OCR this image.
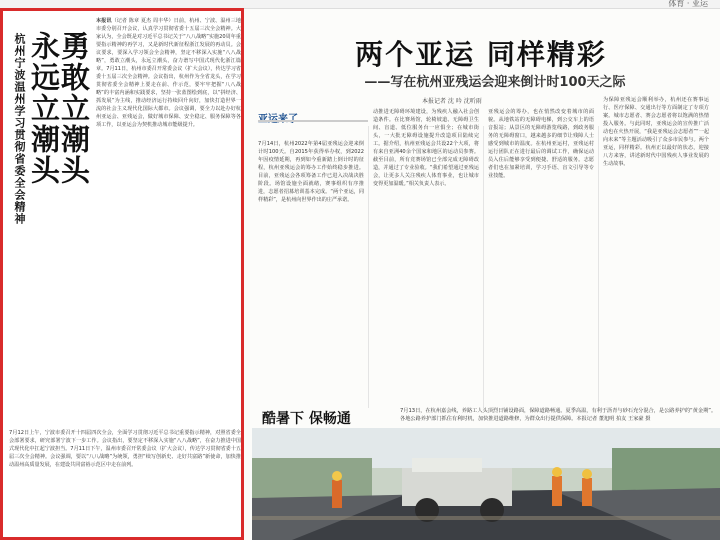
体育 · 亚运
杭州宁波温州学习贯彻省委全会精神 勇敢立潮头
永远立潮头
本报讯（记者 陈章 夏杰 周丰华）日前，杭州、宁波、温州三地市委分别召开会议，认真学习贯彻省委十五届三次全会精神。大家认为，全会既是对习近平总书记关于“八八战略”实施20周年重要指示精神的再学习，又是新时代新征程浙江发展的再动员。会议要求，要深入学习领会全会精神，坚定不移深入实施“八八战略”，勇敢立潮头，永远立潮头，奋力谱写中国式现代化浙江篇章。7月11日，杭州市委召开常委会议（扩大会议），传达学习省委十五届三次全会精神。会议指出，杭州作为全省龙头，在学习贯彻省委全会精神上要走在前、作示范，要牢牢把握“八八战略”的丰富内涵和实践要求，坚持一张蓝图绘到底，以“拼经济、抓发展”为主线，推动经济运行持续回升向好，加快打造世界一流的社会主义现代化国际大都市。会议强调，要全力以赴办好杭州亚运会、亚残运会，做好城市保障、安全稳定、服务保障等各项工作，以亚运会为契机推动城市能级提升。
7月12日上午，宁波市委召开十四届四次全会，全面学习贯彻习近平总书记重要指示精神，对照省委全会部署要求，研究部署宁波下一步工作。会议指出，要坚定不移深入实施“八八战略”，在奋力推进中国式现代化中扛起宁波担当。7月11日下午，温州市委召开常委会议（扩大会议），传达学习贯彻省委十五届三次全会精神。会议强调，要以“八八战略”为统领，勇担“续写创新史、走好共富路”新使命，加快推动温州高质量发展，在建设共同富裕示范区中走在前列。
两个亚运 同样精彩
——写在杭州亚残运会迎来倒计时100天之际
本报记者 沈 吟 沈听雨
7月14日，杭州2022年第4届亚残运会迎来倒计时100天。自2015年获得举办权，到2022年因疫情延期，再到如今重新踏上倒计时的征程，杭州亚残运会的筹办工作始终稳步推进。目前，亚残运会各项筹备工作已进入决战决胜阶段。场馆设施全面就绪，赛事组织有序推进，志愿者招募培训基本完成。“两个亚运，同样精彩”，是杭州向世界作出的庄严承诺。
动推进无障碍环境建设，为残疾人融入社会创造条件。在比赛场馆，轮椅坡道、无障碍卫生间、盲道、低位服务台一应俱全；在城市街头，一大批无障碍设施提升改造项目陆续完工。据介绍，杭州亚残运会共设22个大项，将有来自亚洲40余个国家和地区的运动员参赛。截至目前，所有竞赛场馆已全部完成无障碍改造，并通过了专业验收。“我们希望通过亚残运会，让更多人关注残疾人体育事业，也让城市变得更加温暖。”相关负责人表示。
亚残运会的筹办，也在悄然改变着城市的面貌。从地铁站的无障碍电梯，到公交车上的语音报站；从景区的无障碍游览线路，到政务服务的无障碍窗口，越来越多的细节让残障人士感受到城市的温度。在杭州亚运村，亚残运村运行团队正在进行最后的调试工作，确保运动员入住后能够享受到便捷、舒适的服务。志愿者们也在加紧培训，学习手语、盲文引导等专业技能。
为保障亚残运会顺利举办，杭州还在赛事运行、医疗保障、交通出行等方面制定了专项方案。城市志愿者、赛会志愿者将以饱满的热情投入服务。与此同时，亚残运会的宣传推广活动也在火热开展，“我是亚残运会志愿者”“一起向未来”等主题活动吸引了众多市民参与。两个亚运，同样精彩。杭州正以最好的状态，迎接八方来客，讲述新时代中国残疾人事业发展的生动故事。
酷暑下 保畅通	7月13日，在杭州嘉会线，养路工人头顶烈日铺设路面，保障道路畅通。夏季高温，有利于沥青与砂石充分混合，是公路养护的“黄金期”。各地公路养护部门抓住有利时机，加快推进道路维修，为群众出行提供保障。本报记者 董旭明 拍友 王家豪 摄
